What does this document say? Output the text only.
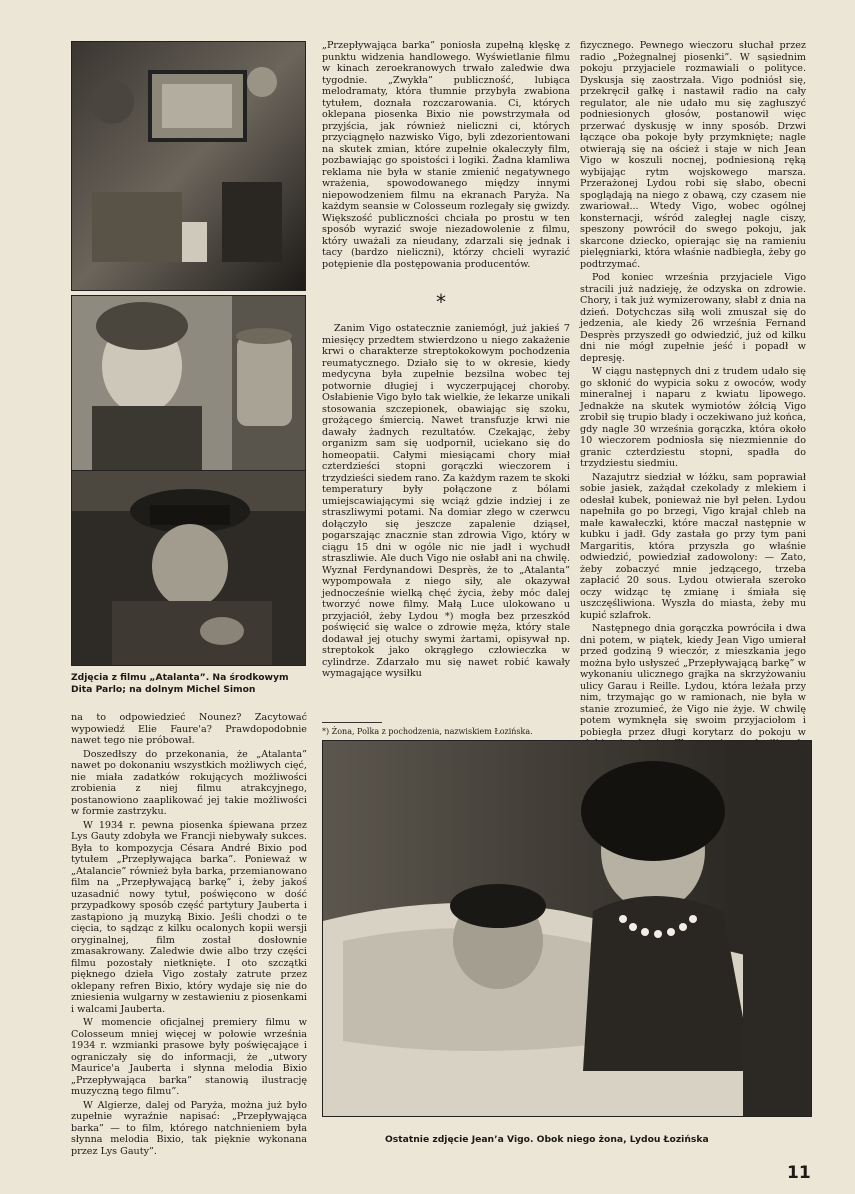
Zdjęcia z filmu „Atalanta”. Na środkowym Dita Parlo; na dolnym Michel Simon

na to odpowiedzieć Nounez? Zacytować wypowiedź Elie Faure'a? Prawdopodobnie nawet tego nie próbował.

Doszedłszy do przekonania, że „Atalanta” nawet po dokonaniu wszystkich możliwych cięć, nie miała zadatków rokujących możliwości zrobienia z niej filmu atrakcyjnego, postanowiono zaaplikować jej takie możliwości w formie zastrzyku.

W 1934 r. pewna piosenka śpiewana przez Lys Gauty zdobyła we Francji niebywały sukces. Była to kompozycja Césara André Bixio pod tytułem „Przepływająca barka”. Ponieważ w „Atalancie” również była barka, przemianowano film na „Przepływającą barkę” i, żeby jakoś uzasadnić nowy tytuł, poświęcono w dość przypadkowy sposób część partytury Jauberta i zastąpiono ją muzyką Bixio. Jeśli chodzi o te cięcia, to sądząc z kilku ocalonych kopii wersji oryginalnej, film został dosłownie zmasakrowany. Zaledwie dwie albo trzy części filmu pozostały nietknięte. I oto szczątki pięknego dzieła Vigo zostały zatrute przez oklepany refren Bixio, który wydaje się nie do zniesienia wulgarny w zestawieniu z piosenkami i walcami Jauberta.

W momencie oficjalnej premiery filmu w Colosseum mniej więcej w połowie września 1934 r. wzmianki prasowe były poświęcające i ograniczały się do informacji, że „utwory Maurice'a Jauberta i słynna melodia Bixio „Przepływająca barka” stanowią ilustrację muzyczną tego filmu”.

W Algierze, dalej od Paryża, można już było zupełnie wyraźnie napisać: „Przepływająca barka” — to film, którego natchnieniem była słynna melodia Bixio, tak pięknie wykonana przez Lys Gauty”.

„Przepływająca barka” poniosła zupełną klęskę z punktu widzenia handlowego. Wyświetlanie filmu w kinach zeroekranowych trwało zaledwie dwa tygodnie. „Zwykła” publiczność, lubiąca melodramaty, która tłumnie przybyła zwabiona tytułem, doznała rozczarowania. Ci, których oklepana piosenka Bixio nie powstrzymała od przyjścia, jak również nieliczni ci, których przyciągnęło nazwisko Vigo, byli zdezorientowani na skutek zmian, które zupełnie okaleczyły film, pozbawiając go spoistości i logiki. Żadna kłamliwa reklama nie była w stanie zmienić negatywnego wrażenia, spowodowanego między innymi niepowodzeniem filmu na ekranach Paryża. Na każdym seansie w Colosseum rozlegały się gwizdy. Większość publiczności chciała po prostu w ten sposób wyrazić swoje niezadowolenie z filmu, który uważali za nieudany, zdarzali się jednak i tacy (bardzo nieliczni), którzy chcieli wyrazić potępienie dla postępowania producentów.

*

Zanim Vigo ostatecznie zaniemógł, już jakieś 7 miesięcy przedtem stwierdzono u niego zakażenie krwi o charakterze streptokokowym pochodzenia reumatycznego. Działo się to w okresie, kiedy medycyna była zupełnie bezsilna wobec tej potwornie długiej i wyczerpującej choroby. Osłabienie Vigo było tak wielkie, że lekarze unikali stosowania szczepionek, obawiając się szoku, grożącego śmiercią. Nawet transfuzje krwi nie dawały żadnych rezultatów. Czekając, żeby organizm sam się uodpornił, uciekano się do homeopatii. Całymi miesiącami chory miał czterdzieści stopni gorączki wieczorem i trzydzieści siedem rano. Za każdym razem te skoki temperatury były połączone z bólami umiejscawiającymi się wciąż gdzie indziej i ze straszliwymi potami. Na domiar złego w czerwcu dołączyło się jeszcze zapalenie dziąseł, pogarszając znacznie stan zdrowia Vigo, który w ciągu 15 dni w ogóle nic nie jadł i wychudł straszliwie. Ale duch Vigo nie osłabł ani na chwilę. Wyznał Ferdynandowi Desprès, że to „Atalanta” wypompowała z niego siły, ale okazywał jednocześnie wielką chęć życia, żeby móc dalej tworzyć nowe filmy. Małą Luce ulokowano u przyjaciół, żeby Lydou *) mogła bez przeszkód poświęcić się walce o zdrowie męża, który stale dodawał jej otuchy swymi żartami, opisywał np. streptokok jako okrągłego człowieczka w cylindrze. Zdarzało mu się nawet robić kawały wymagające wysiłku

*) Żona, Polka z pochodzenia, nazwiskiem Łozińska.

fizycznego. Pewnego wieczoru słuchał przez radio „Pożegnalnej piosenki”. W sąsiednim pokoju przyjaciele rozmawiali o polityce. Dyskusja się zaostrzała. Vigo podniósł się, przekręcił gałkę i nastawił radio na cały regulator, ale nie udało mu się zagłuszyć podniesionych głosów, postanowił więc przerwać dyskusję w inny sposób. Drzwi łączące oba pokoje były przymknięte; nagle otwierają się na oścież i staje w nich Jean Vigo w koszuli nocnej, podniesioną ręką wybijając rytm wojskowego marsza. Przerażonej Lydou robi się słabo, obecni spoglądają na niego z obawą, czy czasem nie zwariował... Wtedy Vigo, wobec ogólnej konsternacji, wśród zaległej nagle ciszy, speszony powrócił do swego pokoju, jak skarcone dziecko, opierając się na ramieniu pielęgniarki, która właśnie nadbiegła, żeby go podtrzymać.

Pod koniec września przyjaciele Vigo stracili już nadzieję, że odzyska on zdrowie. Chory, i tak już wymizerowany, słabł z dnia na dzień. Dotychczas siłą woli zmuszał się do jedzenia, ale kiedy 26 września Fernand Desprès przyszedł go odwiedzić, już od kilku dni nie mógł zupełnie jeść i popadł w depresję.

W ciągu następnych dni z trudem udało się go skłonić do wypicia soku z owoców, wody mineralnej i naparu z kwiatu lipowego. Jednakże na skutek wymiotów żółcią Vigo zrobił się trupio blady i oczekiwano już końca, gdy nagle 30 września gorączka, która około 10 wieczorem podniosła się niezmiennie do granic czterdziestu stopni, spadła do trzydziestu siedmiu.

Nazajutrz siedział w łóżku, sam poprawiał sobie jasiek, zażądał czekolady z mlekiem i odesłał kubek, ponieważ nie był pełen. Lydou napełniła go po brzegi, Vigo krajał chleb na małe kawałeczki, które maczał następnie w kubku i jadł. Gdy zastała go przy tym pani Margaritis, która przyszła go właśnie odwiedzić, powiedział zadowolony: — Zato, żeby zobaczyć mnie jedzącego, trzeba zapłacić 20 sous. Lydou otwierała szeroko oczy widząc tę zmianę i śmiała się uszczęśliwiona. Wyszła do miasta, żeby mu kupić szlafrok.

Następnego dnia gorączka powróciła i dwa dni potem, w piątek, kiedy Jean Vigo umierał przed godziną 9 wieczór, z mieszkania jego można było usłyszeć „Przepływającą barkę” w wykonaniu ulicznego grajka na skrzyżowaniu ulicy Garau i Reille. Lydou, która leżała przy nim, trzymając go w ramionach, nie była w stanie zrozumieć, że Vigo nie żyje. W chwilę potem wymknęła się swoim przyjaciołom i pobiegła przez długi korytarz do pokoju w

Ostatnie zdjęcie Jean’a Vigo. Obok niego żona, Lydou Łozińska
11
